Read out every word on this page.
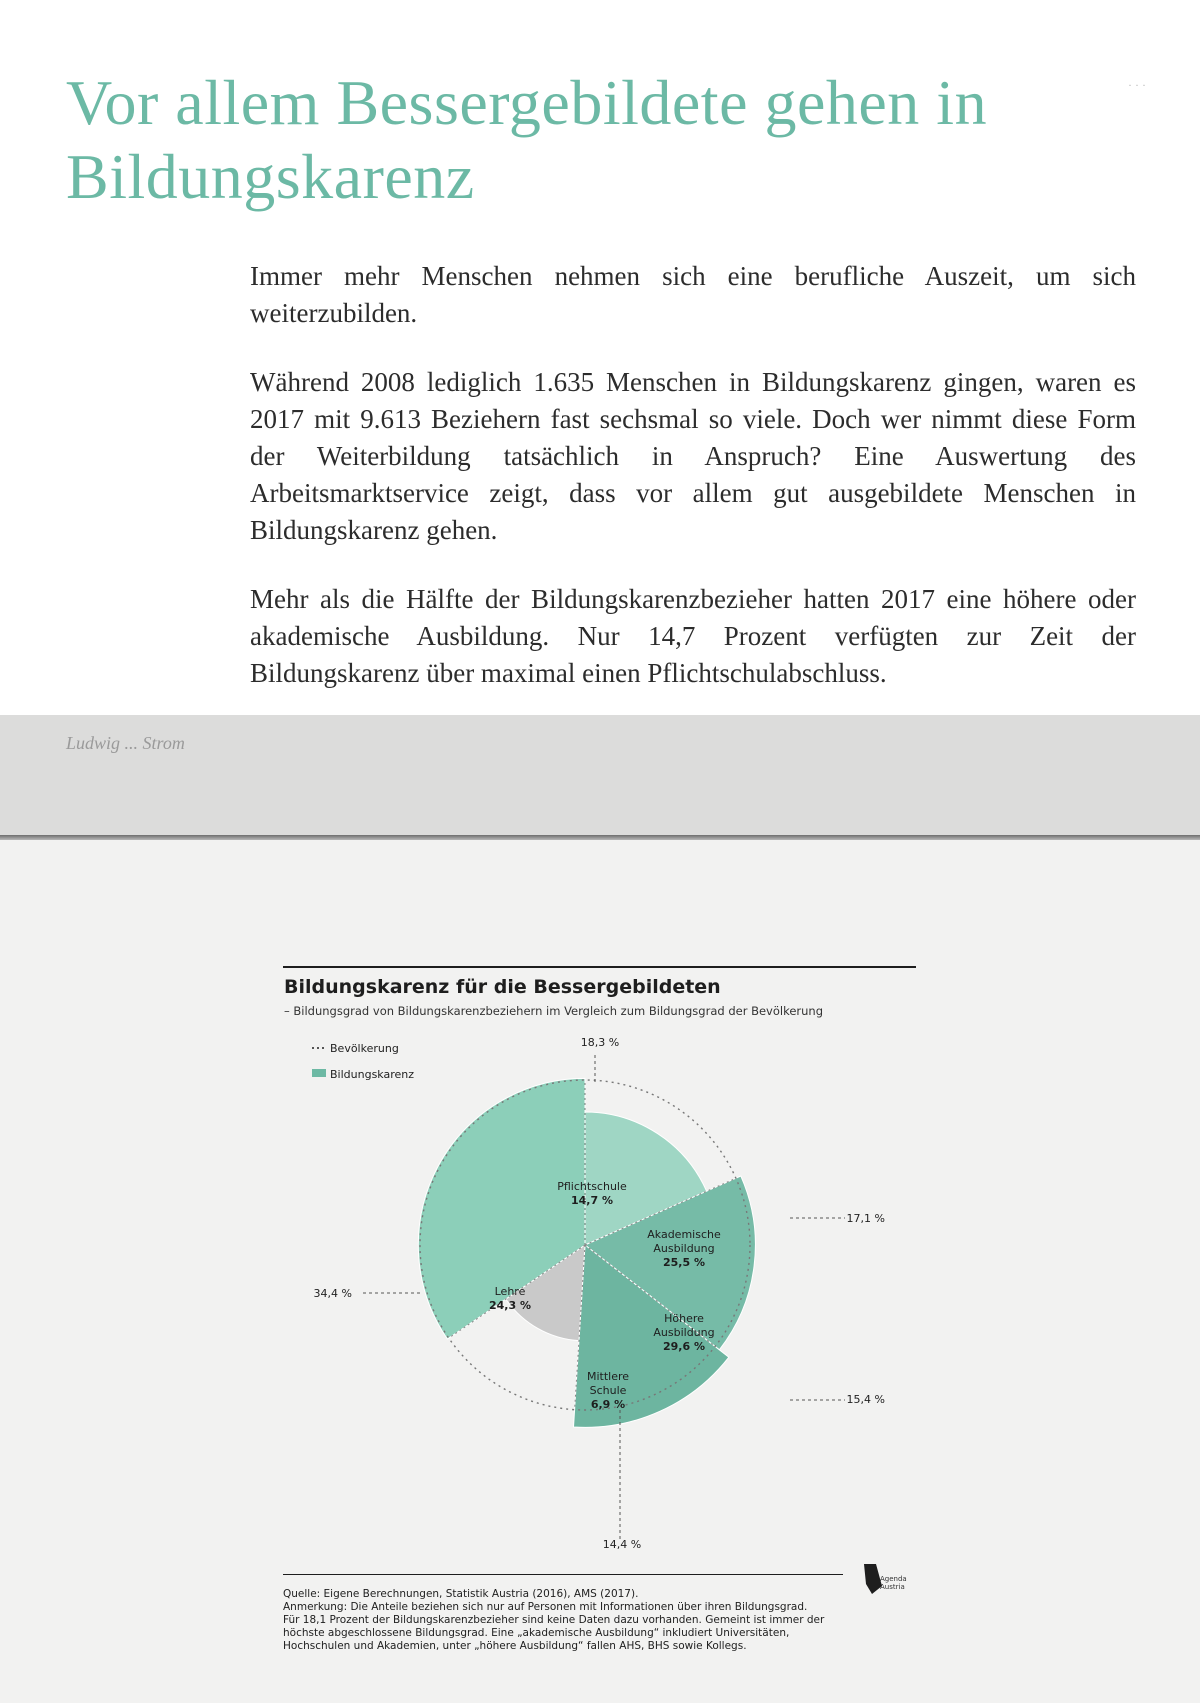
Vor allem Bessergebildete gehen in Bildungskarenz
· · ·

Immer mehr Menschen nehmen sich eine berufliche Auszeit, um sich weiterzubilden.

Während 2008 lediglich 1.635 Menschen in Bildungskarenz gingen, waren es 2017 mit 9.613 Beziehern fast sechsmal so viele. Doch wer nimmt diese Form der Weiterbildung tatsächlich in Anspruch? Eine Auswertung des Arbeitsmarktservice zeigt, dass vor allem gut ausgebildete Menschen in Bildungskarenz gehen.

Mehr als die Hälfte der Bildungskarenzbezieher hatten 2017 eine höhere oder akademische Ausbildung. Nur 14,7 Prozent verfügten zur Zeit der Bildungskarenz über maximal einen Pflichtschulabschluss.

Ludwig ... Strom
Bildungskarenz für die Bessergebildeten
– Bildungsgrad von Bildungskarenzbeziehern im Vergleich zum Bildungsgrad der Bevölkerung
18,3 %
17,1 %
15,4 %
14,4 %
34,4 %
Pflichtschule
14,7 %
Akademische
Ausbildung
25,5 %
Höhere
Ausbildung
29,6 %
Mittlere
Schule
6,9 %
Lehre
24,3 %
Bevölkerung
Bildungskarenz
Quelle: Eigene Berechnungen, Statistik Austria (2016), AMS (2017).
Anmerkung: Die Anteile beziehen sich nur auf Personen mit Informationen über ihren Bildungsgrad.
Für 18,1 Prozent der Bildungskarenzbezieher sind keine Daten dazu vorhanden. Gemeint ist immer der
höchste abgeschlossene Bildungsgrad. Eine „akademische Ausbildung“ inkludiert Universitäten,
Hochschulen und Akademien, unter „höhere Ausbildung“ fallen AHS, BHS sowie Kollegs.
Agenda
Austria
